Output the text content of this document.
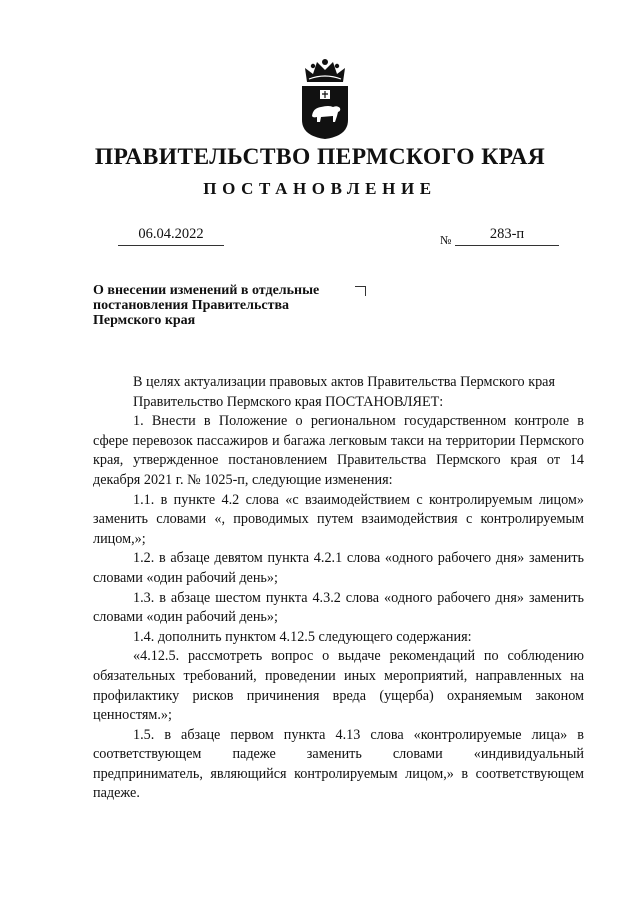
ПРАВИТЕЛЬСТВО ПЕРМСКОГО КРАЯ
ПОСТАНОВЛЕНИЕ
06.04.2022	№	283-п
О внесении изменений в отдельные
постановления Правительства
Пермского края

В целях актуализации правовых актов Правительства Пермского края

Правительство Пермского края ПОСТАНОВЛЯЕТ:

1. Внести в Положение о региональном государственном контроле в сфере перевозок пассажиров и багажа легковым такси на территории Пермского края, утвержденное постановлением Правительства Пермского края от 14 декабря 2021 г. № 1025-п, следующие изменения:

1.1. в пункте 4.2 слова «с взаимодействием с контролируемым лицом» заменить словами «, проводимых путем взаимодействия с контролируемым лицом,»;

1.2. в абзаце девятом пункта 4.2.1 слова «одного рабочего дня» заменить словами «один рабочий день»;

1.3. в абзаце шестом пункта 4.3.2 слова «одного рабочего дня» заменить словами «один рабочий день»;

1.4. дополнить пунктом 4.12.5 следующего содержания:

«4.12.5. рассмотреть вопрос о выдаче рекомендаций по соблюдению обязательных требований, проведении иных мероприятий, направленных на профилактику рисков причинения вреда (ущерба) охраняемым законом ценностям.»;

1.5. в абзаце первом пункта 4.13 слова «контролируемые лица» в соответствующем падеже заменить словами «индивидуальный предприниматель, являющийся контролируемым лицом,» в соответствующем падеже.
